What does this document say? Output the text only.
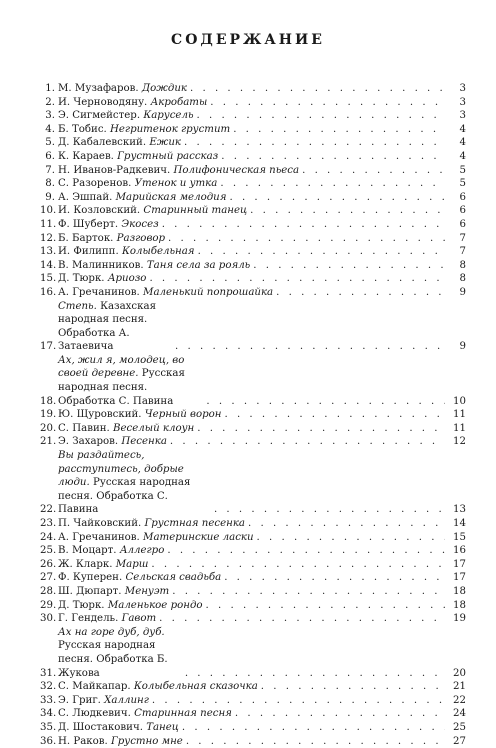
СОДЕРЖАНИЕ
1. М. Музафаров. Дождик . . .	3
2. И. Черноводяну. Акробаты . . .	3
3. Э. Сигмейстер. Карусель . . .	3
4. Б. Тобис. Негритенок грустит . . .	4
5. Д. Кабалевский. Ежик . . .	4
6. К. Караев. Грустный рассказ . . .	4
7. Н. Иванов-Радкевич. Полифоническая пьеса . . .	5
8. С. Разоренов. Утенок и утка . . .	5
9. А. Эшпай. Марийская мелодия . . .	6
10. И. Козловский. Старинный танец . . .	6
11. Ф. Шуберт. Экосез . . .	6
12. Б. Барток. Разговор . . .	7
13. И. Филипп. Колыбельная . . .	7
14. В. Малинников. Таня села за рояль . . .	8
15. Д. Тюрк. Ариозо . . .	8
16. А. Гречанинов. Маленький попрошайка . . .	9
17.
Степь. Казахская народная песня. Обработка А. Затаевича . . .	9
18.
Ах, жил я, молодец, во своей деревне. Русская народная песня. Обработка С. Павина . . .	10
19. Ю. Щуровский. Черный ворон . . .	11
20. С. Павин. Веселый клоун . . .	11
21. Э. Захаров. Песенка . . .	12
22.
Вы раздайтесь, расступитесь, добрые люди. Русская народная песня. Обработка С. Павина . . .	13
23. П. Чайковский. Грустная песенка . . .	14
24. А. Гречанинов. Материнские ласки . . .	15
25. В. Моцарт. Аллегро . . .	16
26. Ж. Кларк. Марш . . .	17
27. Ф. Куперен. Сельская свадьба . . .	17
28. Ш. Дюпарт. Менуэт . . .	18
29. Д. Тюрк. Маленькое рондо . . .	18
30. Г. Гендель. Гавот . . .	19
31.
Ах на горе дуб, дуб. Русская народная песня. Обработка Б. Жукова . . .	20
32. С. Майкапар. Колыбельная сказочка . . .	21
33. Э. Григ. Халлинг . . .	22
34. С. Людкевич. Старинная песня . . .	24
35. Д. Шостакович. Танец . . .	25
36. Н. Раков. Грустно мне . . .	27
